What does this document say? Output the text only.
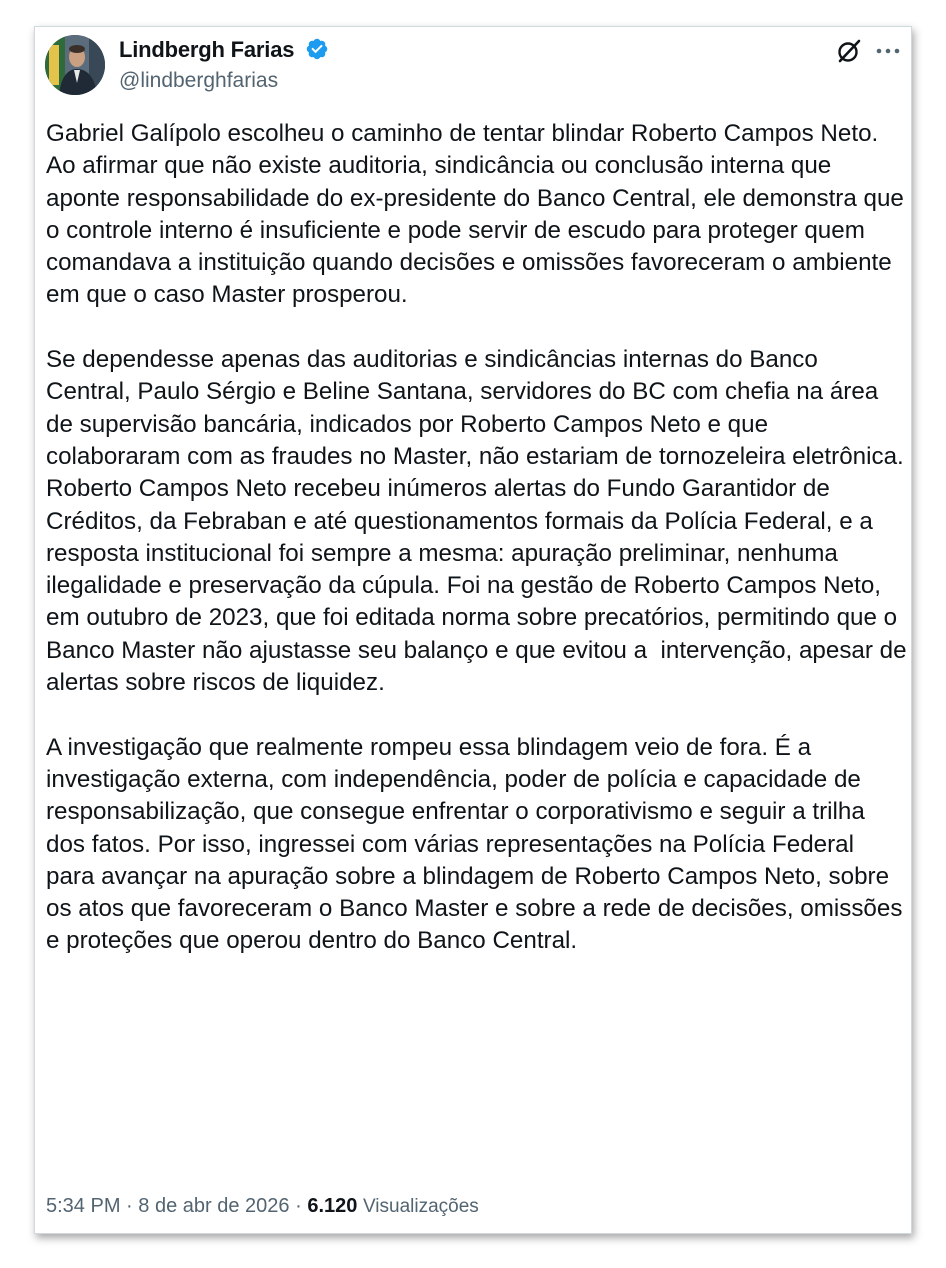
Lindbergh Farias
@lindberghfarias

Gabriel Galípolo escolheu o caminho de tentar blindar Roberto Campos Neto. Ao afirmar que não existe auditoria, sindicância ou conclusão interna que aponte responsabilidade do ex-presidente do Banco Central, ele demonstra que o controle interno é insuficiente e pode servir de escudo para proteger quem comandava a instituição quando decisões e omissões favoreceram o ambiente em que o caso Master prosperou.

Se dependesse apenas das auditorias e sindicâncias internas do Banco Central, Paulo Sérgio e Beline Santana, servidores do BC com chefia na área de supervisão bancária, indicados por Roberto Campos Neto e que colaboraram com as fraudes no Master, não estariam de tornozeleira eletrônica. Roberto Campos Neto recebeu inúmeros alertas do Fundo Garantidor de Créditos, da Febraban e até questionamentos formais da Polícia Federal, e a resposta institucional foi sempre a mesma: apuração preliminar, nenhuma ilegalidade e preservação da cúpula. Foi na gestão de Roberto Campos Neto, em outubro de 2023, que foi editada norma sobre precatórios, permitindo que o Banco Master não ajustasse seu balanço e que evitou a  intervenção, apesar de alertas sobre riscos de liquidez.

A investigação que realmente rompeu essa blindagem veio de fora. É a investigação externa, com independência, poder de polícia e capacidade de responsabilização, que consegue enfrentar o corporativismo e seguir a trilha dos fatos. Por isso, ingressei com várias representações na Polícia Federal para avançar na apuração sobre a blindagem de Roberto Campos Neto, sobre os atos que favoreceram o Banco Master e sobre a rede de decisões, omissões e proteções que operou dentro do Banco Central.

5:34 PM · 8 de abr de 2026 · 6.120 Visualizações
